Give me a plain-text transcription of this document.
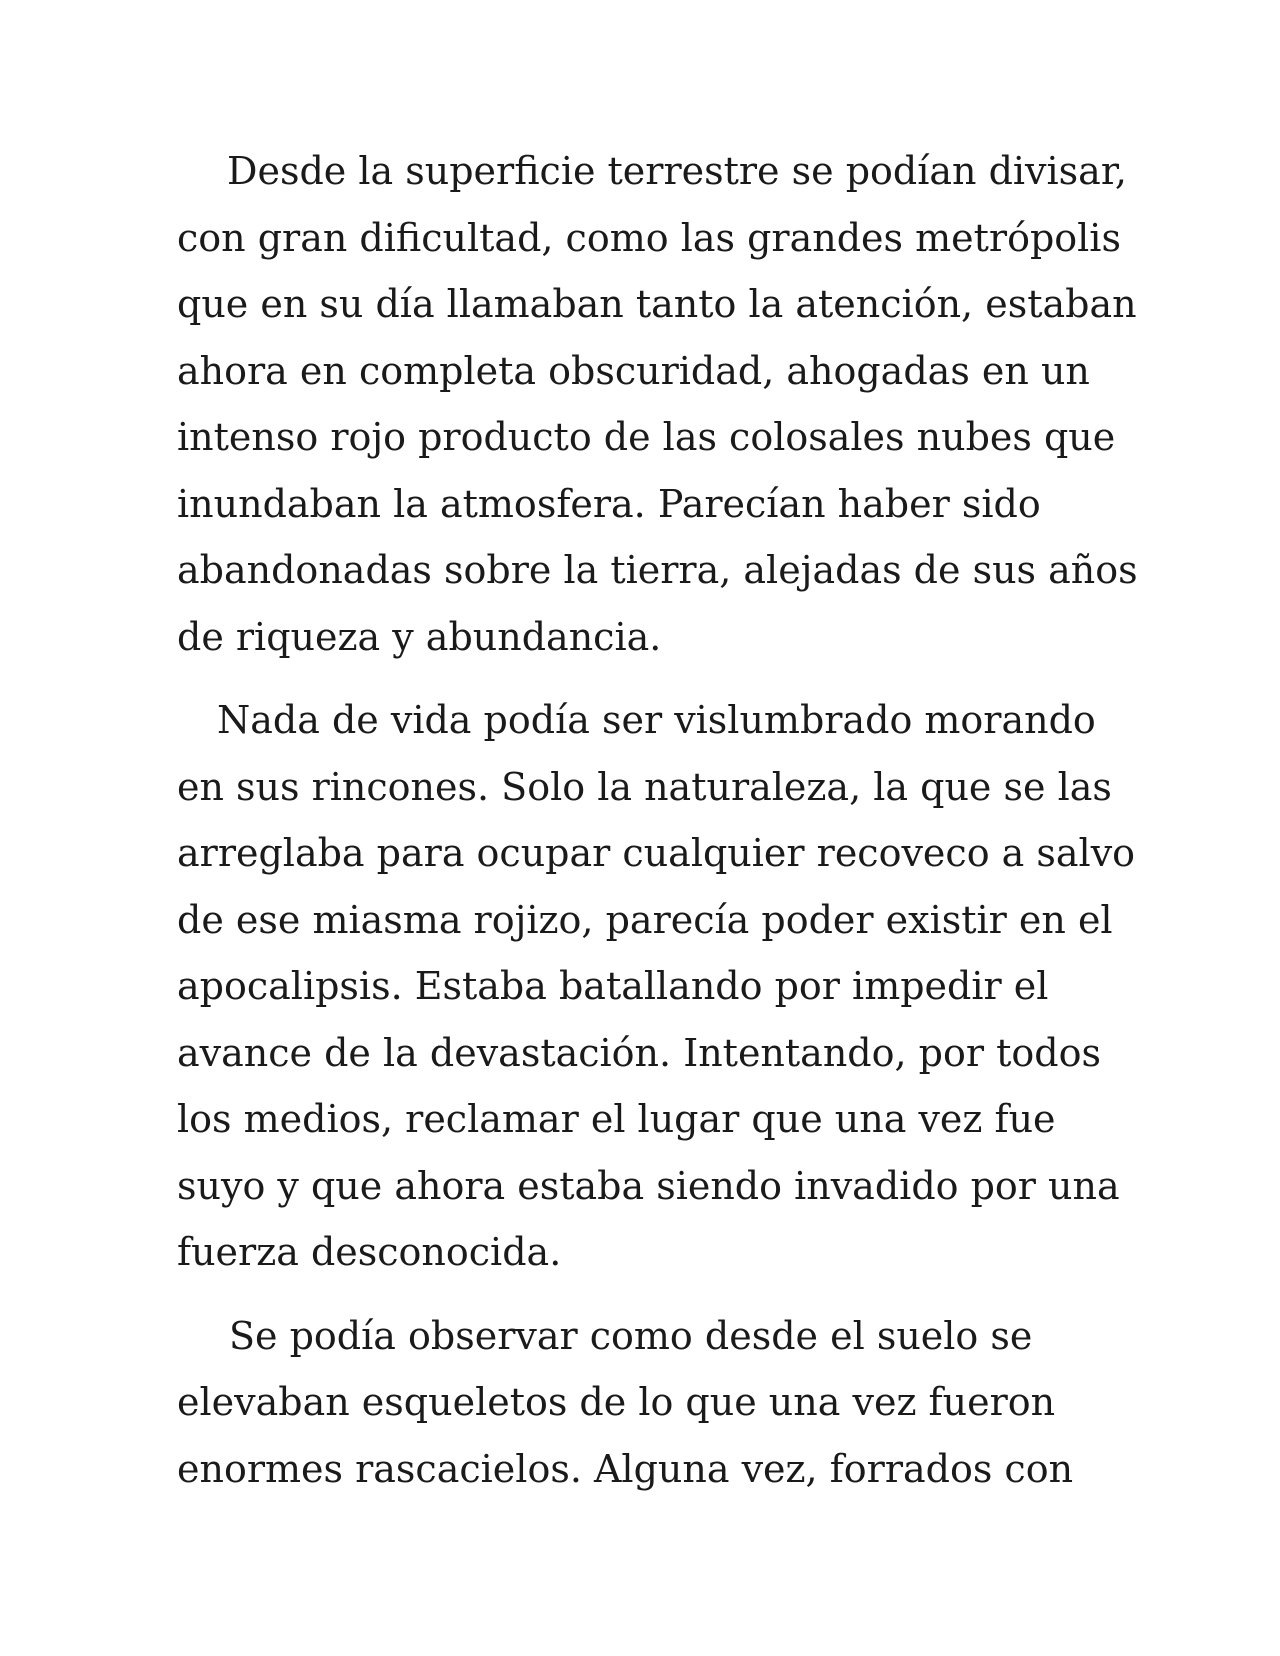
Desde la superficie terrestre se podían divisar,
con gran dificultad, como las grandes metrópolis
que en su día llamaban tanto la atención, estaban
ahora en completa obscuridad, ahogadas en un
intenso rojo producto de las colosales nubes que
inundaban la atmosfera. Parecían haber sido
abandonadas sobre la tierra, alejadas de sus años
de riqueza y abundancia.

Nada de vida podía ser vislumbrado morando
en sus rincones. Solo la naturaleza, la que se las
arreglaba para ocupar cualquier recoveco a salvo
de ese miasma rojizo, parecía poder existir en el
apocalipsis. Estaba batallando por impedir el
avance de la devastación. Intentando, por todos
los medios, reclamar el lugar que una vez fue
suyo y que ahora estaba siendo invadido por una
fuerza desconocida.

Se podía observar como desde el suelo se
elevaban esqueletos de lo que una vez fueron
enormes rascacielos. Alguna vez, forrados con
